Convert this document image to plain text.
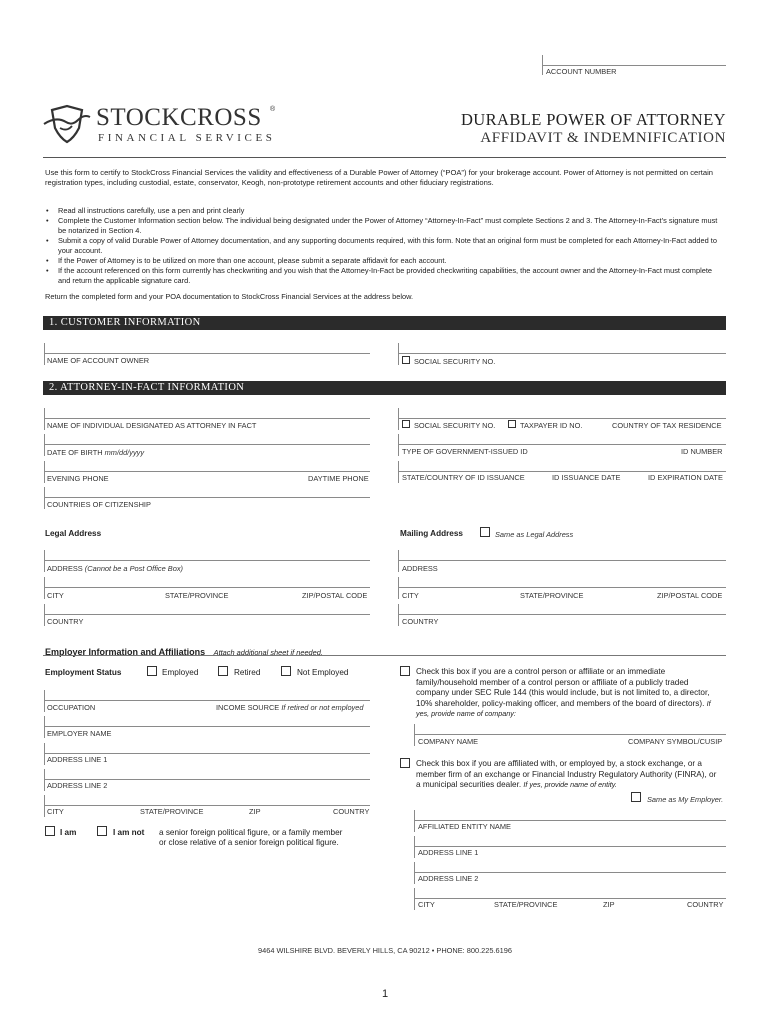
ACCOUNT NUMBER
STOCKCROSS ®
FINANCIAL SERVICES
DURABLE POWER OF ATTORNEY
AFFIDAVIT & INDEMNIFICATION
Use this form to certify to StockCross Financial Services the validity and effectiveness of a Durable Power of Attorney (“POA”) for your brokerage account. Power of Attorney is not permitted on certain registration types, including custodial, estate, conservator, Keogh, non-prototype retirement accounts and other fiduciary registrations.
• Read all instructions carefully, use a pen and print clearly
• Complete the Customer Information section below. The individual being designated under the Power of Attorney “Attorney-In-Fact” must complete Sections 2 and 3. The Attorney-In-Fact’s signature must be notarized in Section 4.
• Submit a copy of valid Durable Power of Attorney documentation, and any supporting documents required, with this form. Note that an original form must be completed for each Attorney-In-Fact added to your account.
• If the Power of Attorney is to be utilized on more than one account, please submit a separate affidavit for each account.
• If the account referenced on this form currently has checkwriting and you wish that the Attorney-In-Fact be provided checkwriting capabilities, the account owner and the Attorney-In-Fact must complete and return the applicable signature card.
Return the completed form and your POA documentation to StockCross Financial Services at the address below.
1. CUSTOMER INFORMATION
NAME OF ACCOUNT OWNER	SOCIAL SECURITY NO.
2. ATTORNEY-IN-FACT INFORMATION
NAME OF INDIVIDUAL DESIGNATED AS ATTORNEY IN FACT	SOCIAL SECURITY NO.	TAXPAYER ID NO.	COUNTRY OF TAX RESIDENCE
DATE OF BIRTH mm/dd/yyyy	TYPE OF GOVERNMENT-ISSUED ID	ID NUMBER
EVENING PHONE	DAYTIME PHONE	STATE/COUNTRY OF ID ISSUANCE	ID ISSUANCE DATE	ID EXPIRATION DATE
COUNTRIES OF CITIZENSHIP
Legal Address	Mailing Address	Same as Legal Address
ADDRESS (Cannot be a Post Office Box)
CITY	STATE/PROVINCE	ZIP/POSTAL CODE
COUNTRY
ADDRESS
CITY	STATE/PROVINCE	ZIP/POSTAL CODE
COUNTRY
Employer Information and Affiliations Attach additional sheet if needed.
Employment Status	Employed	Retired	Not Employed
OCCUPATION	INCOME SOURCE If retired or not employed
EMPLOYER NAME
ADDRESS LINE 1
ADDRESS LINE 2
CITY	STATE/PROVINCE	ZIP	COUNTRY
I am	I am not a senior foreign political figure, or a family member
or close relative of a senior foreign political figure.
Check this box if you are a control person or affiliate or an immediate family/household member of a control person or affiliate of a publicly traded company under SEC Rule 144 (this would include, but is not limited to, a director, 10% shareholder, policy-making officer, and members of the board of directors). If yes, provide name of company:
COMPANY NAME	COMPANY SYMBOL/CUSIP
Check this box if you are affiliated with, or employed by, a stock exchange, or a member firm of an exchange or Financial Industry Regulatory Authority (FINRA), or a municipal securities dealer. If yes, provide name of entity.
Same as My Employer.
AFFILIATED ENTITY NAME
ADDRESS LINE 1
ADDRESS LINE 2
CITY	STATE/PROVINCE	ZIP	COUNTRY
9464 WILSHIRE BLVD. BEVERLY HILLS, CA 90212 • PHONE: 800.225.6196
1
